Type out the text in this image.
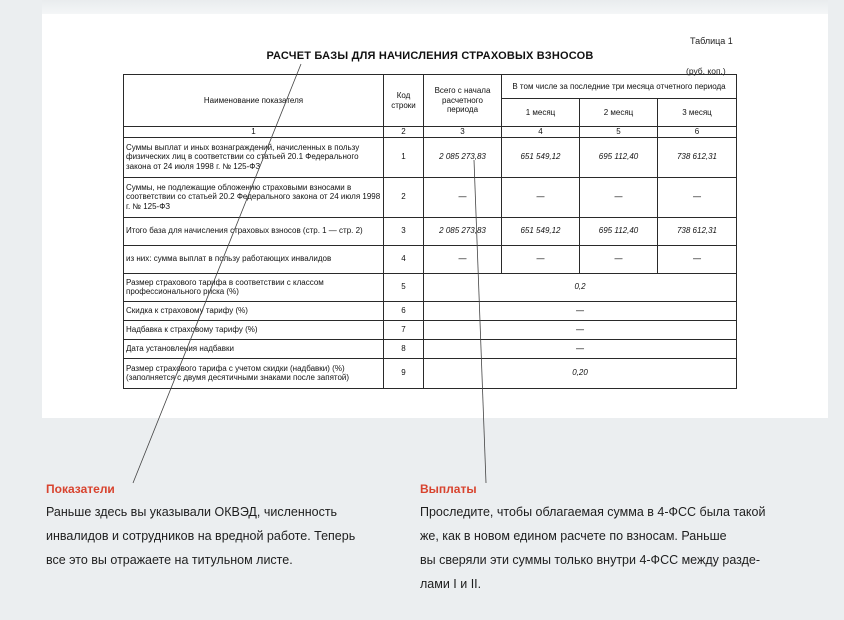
Таблица 1
РАСЧЕТ БАЗЫ ДЛЯ НАЧИСЛЕНИЯ СТРАХОВЫХ ВЗНОСОВ
(руб. коп.)
Наименование показателя	Код строки	Всего с начала расчетного периода	В том числе за последние три месяца отчетного периода		
			1 месяц	2 месяц	3 месяц
1	2	3	4	5	6
Суммы выплат и иных вознаграждений, начисленных в пользу физических лиц в соответствии со статьей 20.1 Федерального закона от 24 июля 1998 г. № 125-ФЗ	1	2 085 273,83	651 549,12	695 112,40	738 612,31
Суммы, не подлежащие обложению страховыми взносами в соответствии со статьей 20.2 Федерального закона от 24 июля 1998 г. № 125-ФЗ	2	—	—	—	—
Итого база для начисления страховых взносов (стр. 1 — стр. 2)	3	2 085 273,83	651 549,12	695 112,40	738 612,31
из них: сумма выплат в пользу работающих инвалидов	4	—	—	—	—
Размер страхового тарифа в соответствии с классом профессионального риска (%)	5	0,2			
Скидка к страховому тарифу (%)	6	—			
Надбавка к страховому тарифу (%)	7	—			
Дата установления надбавки	8	—			
Размер страхового тарифа с учетом скидки (надбавки) (%) (заполняется с двумя десятичными знаками после запятой)	9	0,20			
Показатели
Раньше здесь вы указывали ОКВЭД, численность
инвалидов и сотрудников на вредной работе. Теперь
все это вы отражаете на титульном листе.
Выплаты
Проследите, чтобы облагаемая сумма в 4-ФСС была такой
же, как в новом едином расчете по взносам. Раньше
вы сверяли эти суммы только внутри 4-ФСС между разде-
лами I и II.
